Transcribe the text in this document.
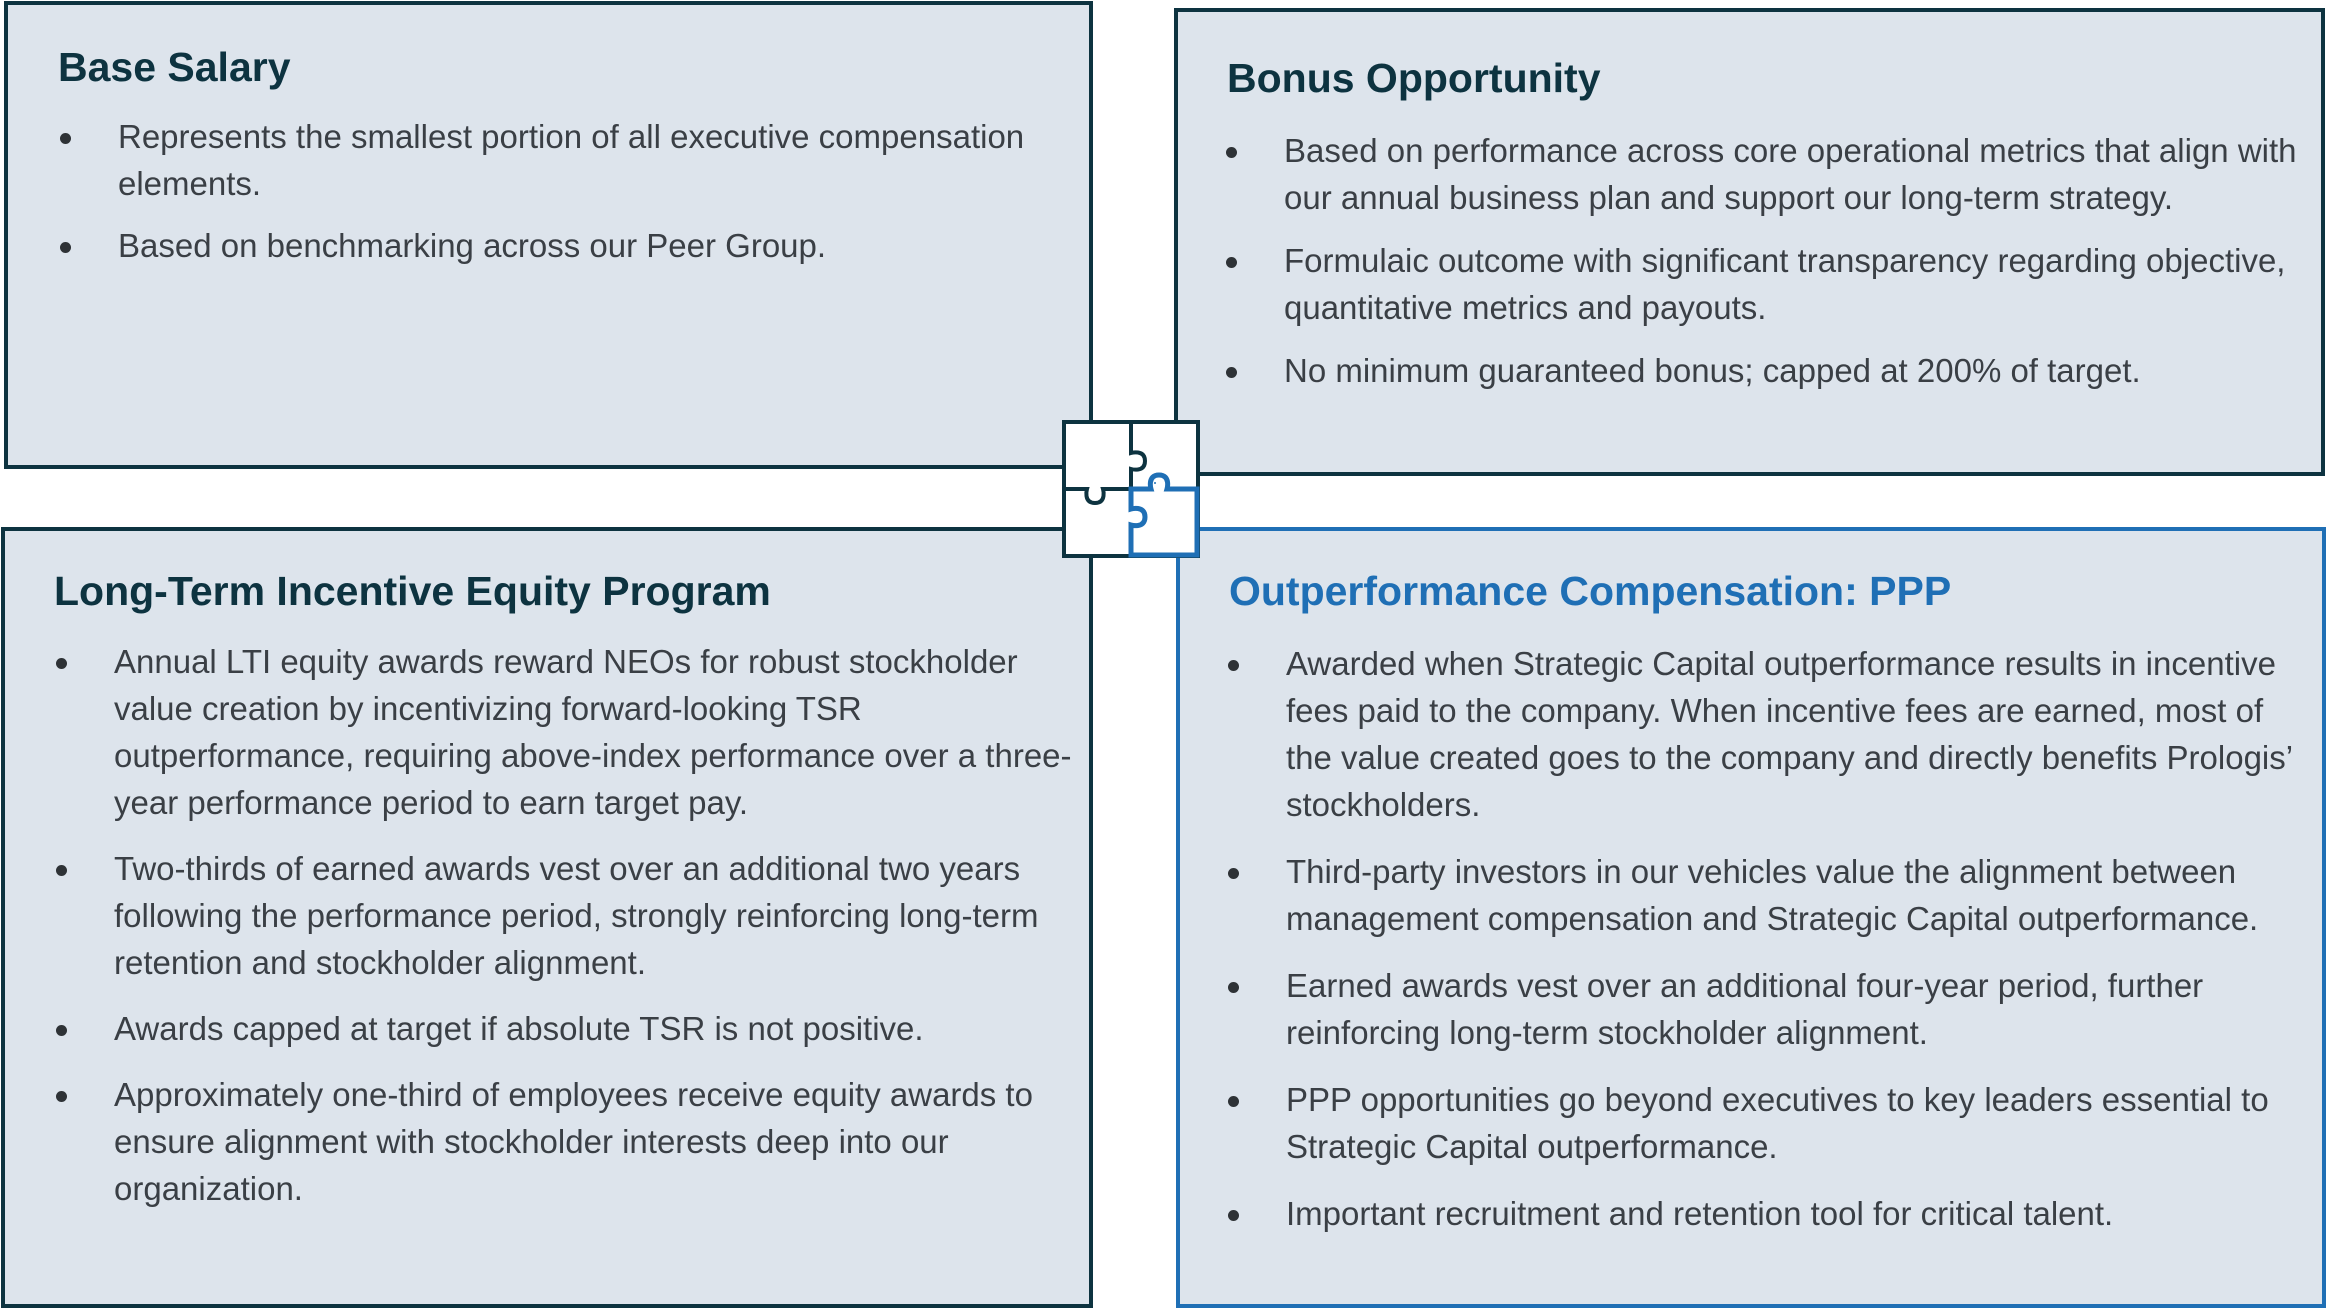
Base Salary
Represents the smallest portion of all executive compensation elements.
Based on benchmarking across our Peer Group.
Bonus Opportunity
Based on performance across core operational metrics that align with our annual business plan and support our long-term strategy.
Formulaic outcome with significant transparency regarding objective, quantitative metrics and payouts.
No minimum guaranteed bonus; capped at 200% of target.
Long-Term Incentive Equity Program
Annual LTI equity awards reward NEOs for robust stockholder value creation by incentivizing forward-looking TSR outperformance, requiring above-index performance over a three-year performance period to earn target pay.
Two-thirds of earned awards vest over an additional two years following the performance period, strongly reinforcing long-term retention and stockholder alignment.
Awards capped at target if absolute TSR is not positive.
Approximately one-third of employees receive equity awards to ensure alignment with stockholder interests deep into our organization.
Outperformance Compensation: PPP
Awarded when Strategic Capital outperformance results in incentive fees paid to the company. When incentive fees are earned, most of the value created goes to the company and directly benefits Prologis’ stockholders.
Third-party investors in our vehicles value the alignment between management compensation and Strategic Capital outperformance.
Earned awards vest over an additional four-year period, further reinforcing long-term stockholder alignment.
PPP opportunities go beyond executives to key leaders essential to Strategic Capital outperformance.
Important recruitment and retention tool for critical talent.
